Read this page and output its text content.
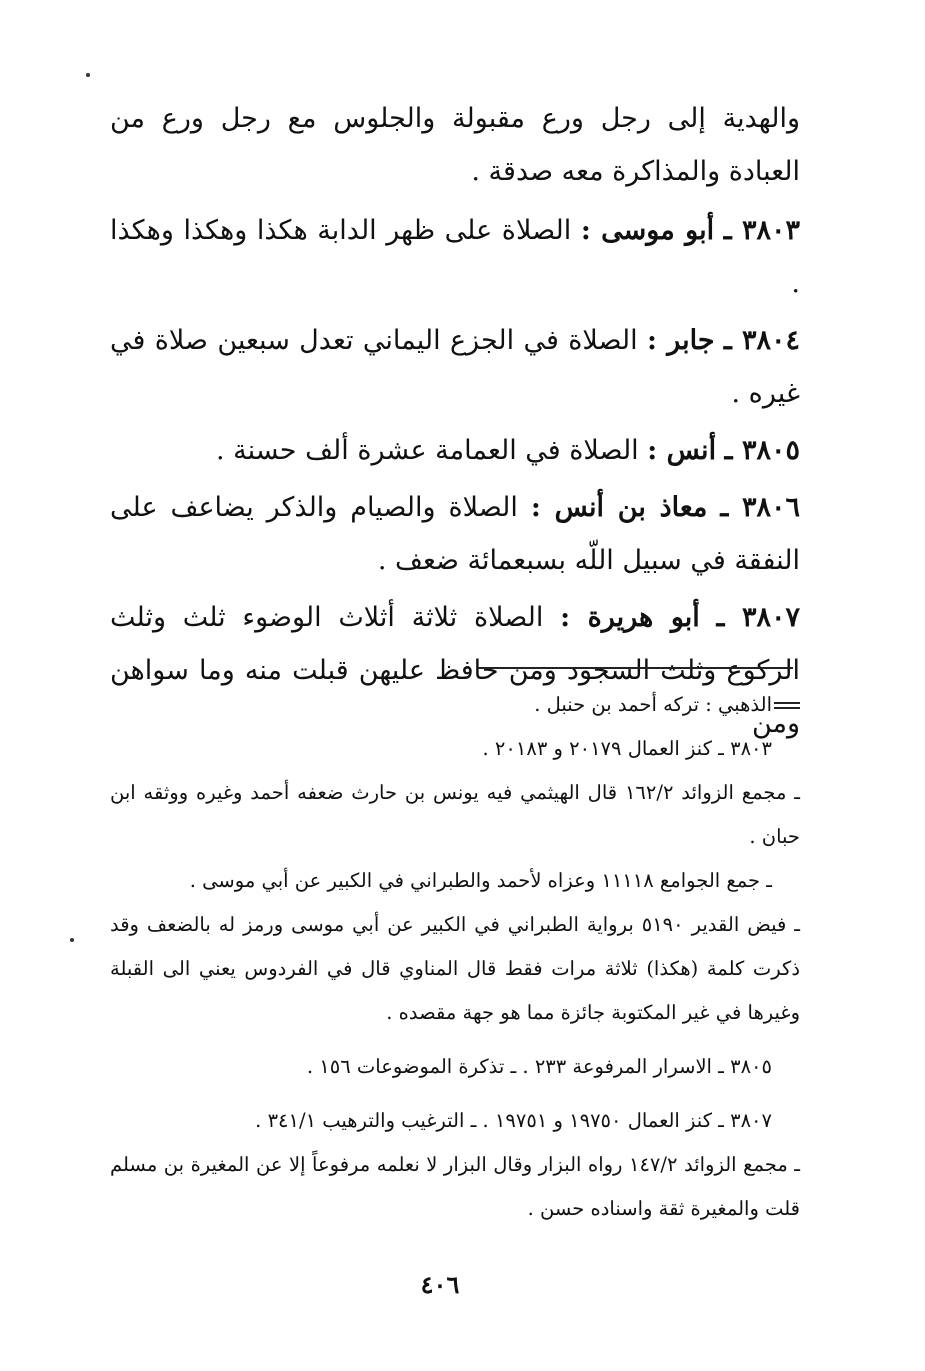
والهدية إلى رجل ورع مقبولة والجلوس مع رجل ورع من العبادة والمذاكرة معه صدقة .

٣٨٠٣ ـ أبو موسى : الصلاة على ظهر الدابة هكذا وهكذا وهكذا .

٣٨٠٤ ـ جابر : الصلاة في الجزع اليماني تعدل سبعين صلاة في غيره .

٣٨٠٥ ـ أنس : الصلاة في العمامة عشرة ألف حسنة .

٣٨٠٦ ـ معاذ بن أنس : الصلاة والصيام والذكر يضاعف على النفقة في سبيل اللّه بسبعمائة ضعف .

٣٨٠٧ ـ أبو هريرة : الصلاة ثلاثة أثلاث الوضوء ثلث وثلث الركوع وثلث السجود ومن حافظ عليهن قبلت منه وما سواهن ومن

الذهبي : تركه أحمد بن حنبل .

٣٨٠٣ ـ كنز العمال ٢٠١٧٩ و ٢٠١٨٣ .

ـ مجمع الزوائد ١٦٢/٢ قال الهيثمي فيه يونس بن حارث ضعفه أحمد وغيره ووثقه ابن حبان .

ـ جمع الجوامع ١١١١٨ وعزاه لأحمد والطبراني في الكبير عن أبي موسى .

ـ فيض القدير ٥١٩٠ برواية الطبراني في الكبير عن أبي موسى ورمز له بالضعف وقد ذكرت كلمة (هكذا) ثلاثة مرات فقط قال المناوي قال في الفردوس يعني الى القبلة وغيرها في غير المكتوبة جائزة مما هو جهة مقصده .

٣٨٠٥ ـ الاسرار المرفوعة ٢٣٣ . ـ تذكرة الموضوعات ١٥٦ .

٣٨٠٧ ـ كنز العمال ١٩٧٥٠ و ١٩٧٥١ . ـ الترغيب والترهيب ٣٤١/١ .

ـ مجمع الزوائد ١٤٧/٢ رواه البزار وقال البزار لا نعلمه مرفوعاً إلا عن المغيرة بن مسلم قلت والمغيرة ثقة واسناده حسن .

٤٠٦
